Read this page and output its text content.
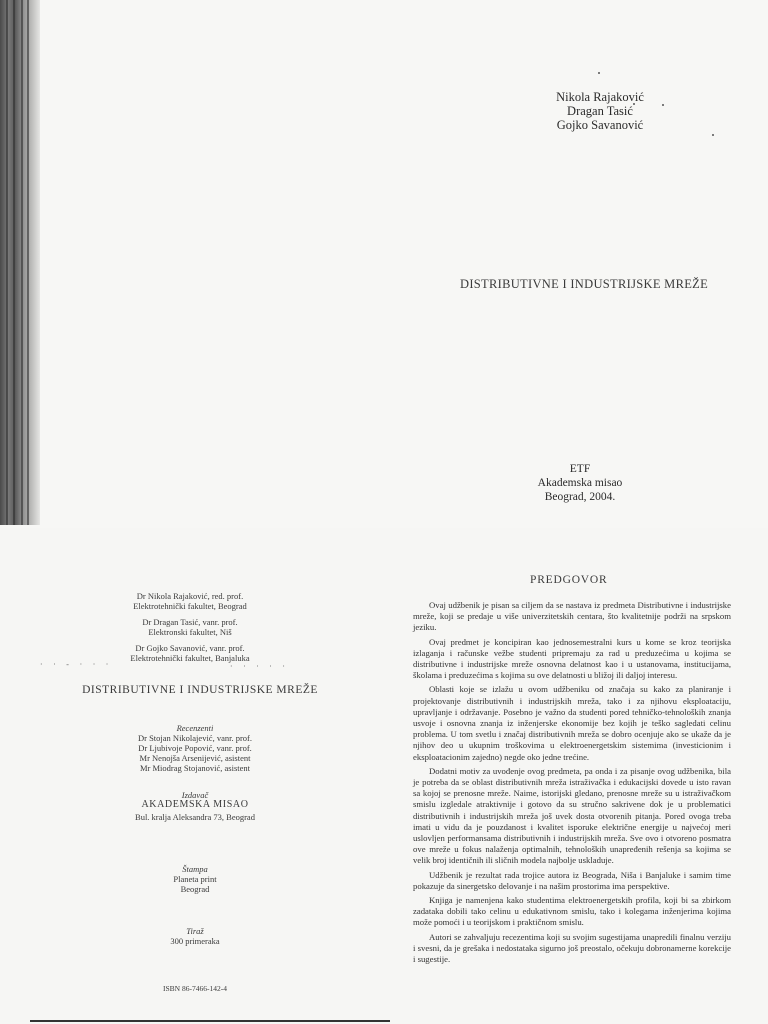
Nikola Rajaković
Dragan Tasić
Gojko Savanović
DISTRIBUTIVNE I INDUSTRIJSKE MREŽE
ETF
Akademska misao
Beograd, 2004.
Dr Nikola Rajaković, red. prof.
Elektrotehnički fakultet, Beograd
Dr Dragan Tasić, vanr. prof.
Elektronski fakultet, Niš
Dr Gojko Savanović, vanr. prof.
Elektrotehnički fakultet, Banjaluka
· · - · · ·	· · · · ·
DISTRIBUTIVNE I INDUSTRIJSKE MREŽE
Recenzenti
Dr Stojan Nikolajević, vanr. prof.
Dr Ljubivoje Popović, vanr. prof.
Mr Nenojša Arsenijević, asistent
Mr Miodrag Stojanović, asistent
Izdavač
AKADEMSKA MISAO
Bul. kralja Aleksandra 73, Beograd
Štampa
Planeta print
Beograd
Tiraž
300 primeraka
ISBN 86-7466-142-4
PREDGOVOR

Ovaj udžbenik je pisan sa ciljem da se nastava iz predmeta Distributivne i industrijske mreže, koji se predaje u više univerzitetskih centara, što kvalitetnije podrži na srpskom jeziku.

Ovaj predmet je koncipiran kao jednosemestralni kurs u kome se kroz teorijska izlaganja i računske vežbe studenti pripremaju za rad u preduzećima u kojima se distributivne i industrijske mreže osnovna delatnost kao i u ustanovama, institucijama, školama i preduzećima s kojima su ove delatnosti u bližoj ili daljoj interesu.

Oblasti koje se izlažu u ovom udžbeniku od značaja su kako za planiranje i projektovanje distributivnih i industrijskih mreža, tako i za njihovu eksploataciju, upravljanje i održavanje. Posebno je važno da studenti pored tehničko-tehnoloških znanja usvoje i osnovna znanja iz inženjerske ekonomije bez kojih je teško sagledati celinu problema. U tom svetlu i značaj distributivnih mreža se dobro ocenjuje ako se ukaže da je njihov deo u ukupnim troškovima u elektroenergetskim sistemima (investicionim i eksploatacionim zajedno) negde oko jedne trećine.

Dodatni motiv za uvođenje ovog predmeta, pa onda i za pisanje ovog udžbenika, bila je potreba da se oblast distributivnih mreža istraživačka i edukacijski dovede u isto ravan sa kojoj se prenosne mreže. Naime, istorijski gledano, prenosne mreže su u istraživačkom smislu izgledale atraktivnije i gotovo da su stručno sakrivene dok je u problematici distributivnih i industrijskih mreža još uvek dosta otvorenih pitanja. Pored ovoga treba imati u vidu da je pouzdanost i kvalitet isporuke električne energije u najvećoj meri uslovljen performansama distributivnih i industrijskih mreža. Sve ovo i otvoreno posmatra ove mreže u fokus nalaženja optimalnih, tehnoloških unapređenih rešenja sa kojima se velik broj identičnih ili sličnih modela najbolje uskladuje.

Udžbenik je rezultat rada trojice autora iz Beograda, Niša i Banjaluke i samim time pokazuje da sinergetsko delovanje i na našim prostorima ima perspektive.

Knjiga je namenjena kako studentima elektroenergetskih profila, koji bi sa zbirkom zadataka dobili tako celinu u edukativnom smislu, tako i kolegama inženjerima kojima može pomoći i u teorijskom i praktičnom smislu.

Autori se zahvaljuju recezentima koji su svojim sugestijama unapredili finalnu verziju i svesni, da je grešaka i nedostataka sigurno još preostalo, očekuju dobronamerne korekcije i sugestije.
